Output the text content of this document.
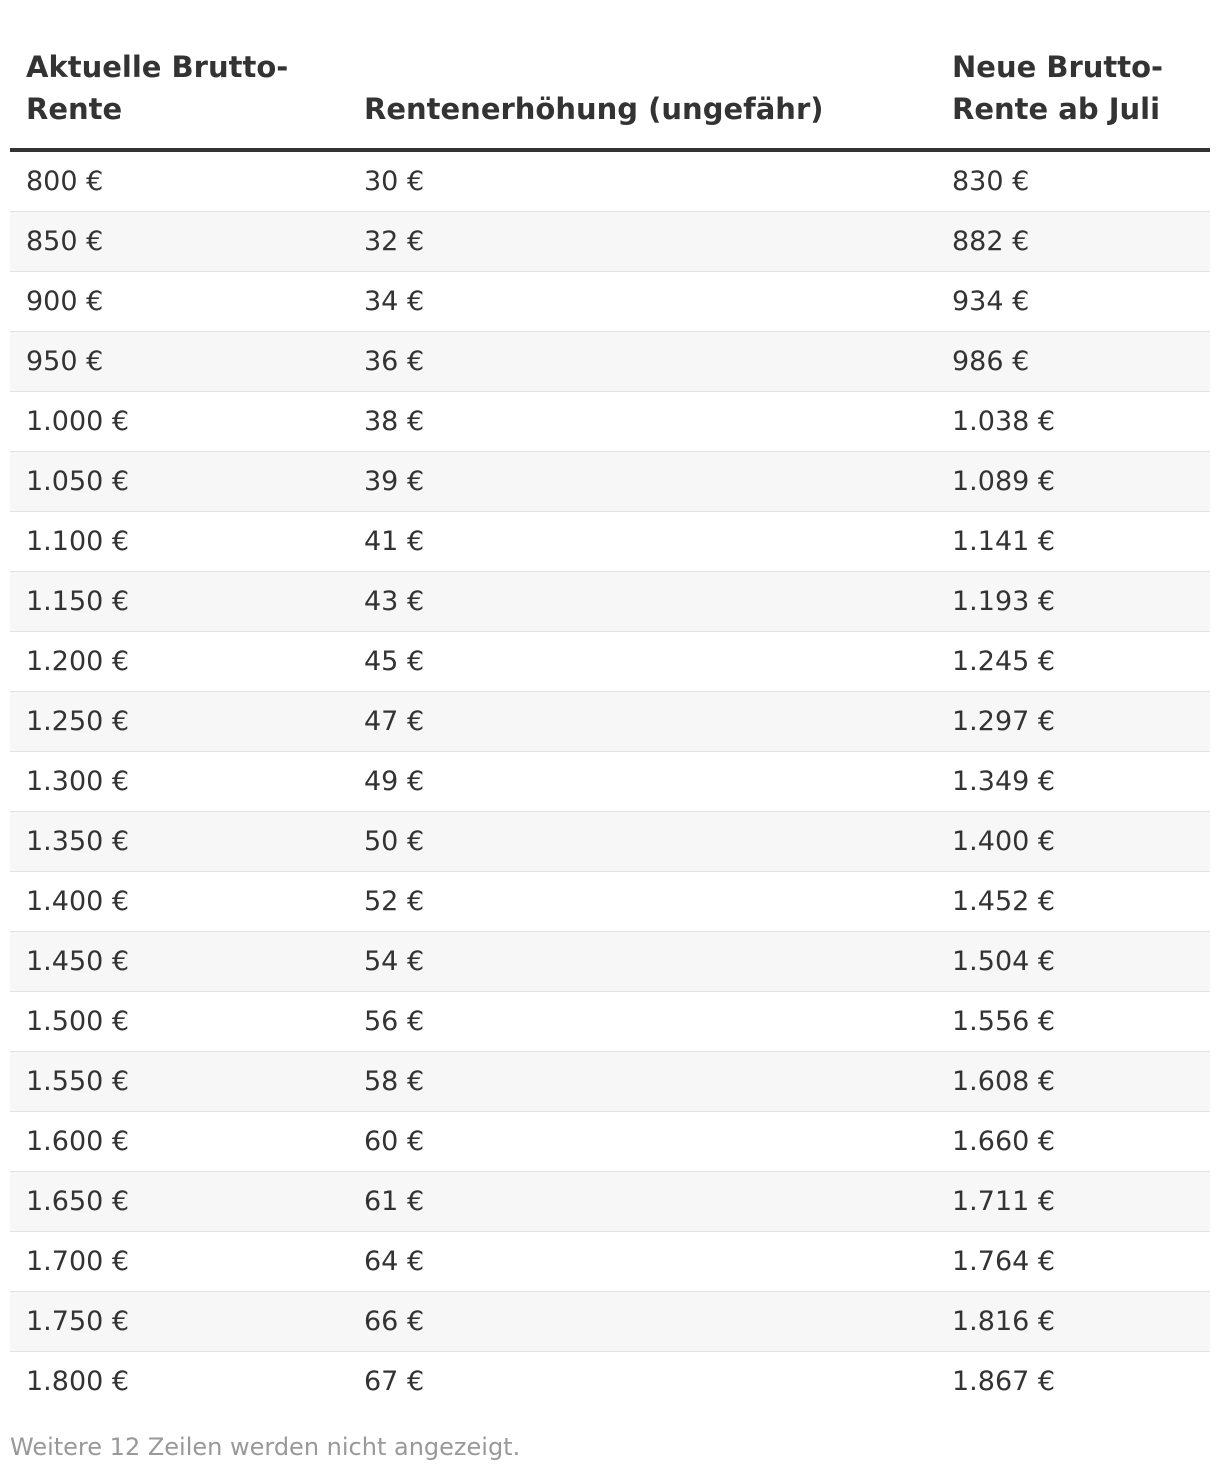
Aktuelle Brutto-Rente	Rentenerhöhung (ungefähr)	Neue Brutto-Rente ab Juli
800 €	30 €	830 €
850 €	32 €	882 €
900 €	34 €	934 €
950 €	36 €	986 €
1.000 €	38 €	1.038 €
1.050 €	39 €	1.089 €
1.100 €	41 €	1.141 €
1.150 €	43 €	1.193 €
1.200 €	45 €	1.245 €
1.250 €	47 €	1.297 €
1.300 €	49 €	1.349 €
1.350 €	50 €	1.400 €
1.400 €	52 €	1.452 €
1.450 €	54 €	1.504 €
1.500 €	56 €	1.556 €
1.550 €	58 €	1.608 €
1.600 €	60 €	1.660 €
1.650 €	61 €	1.711 €
1.700 €	64 €	1.764 €
1.750 €	66 €	1.816 €
1.800 €	67 €	1.867 €
Weitere 12 Zeilen werden nicht angezeigt.
